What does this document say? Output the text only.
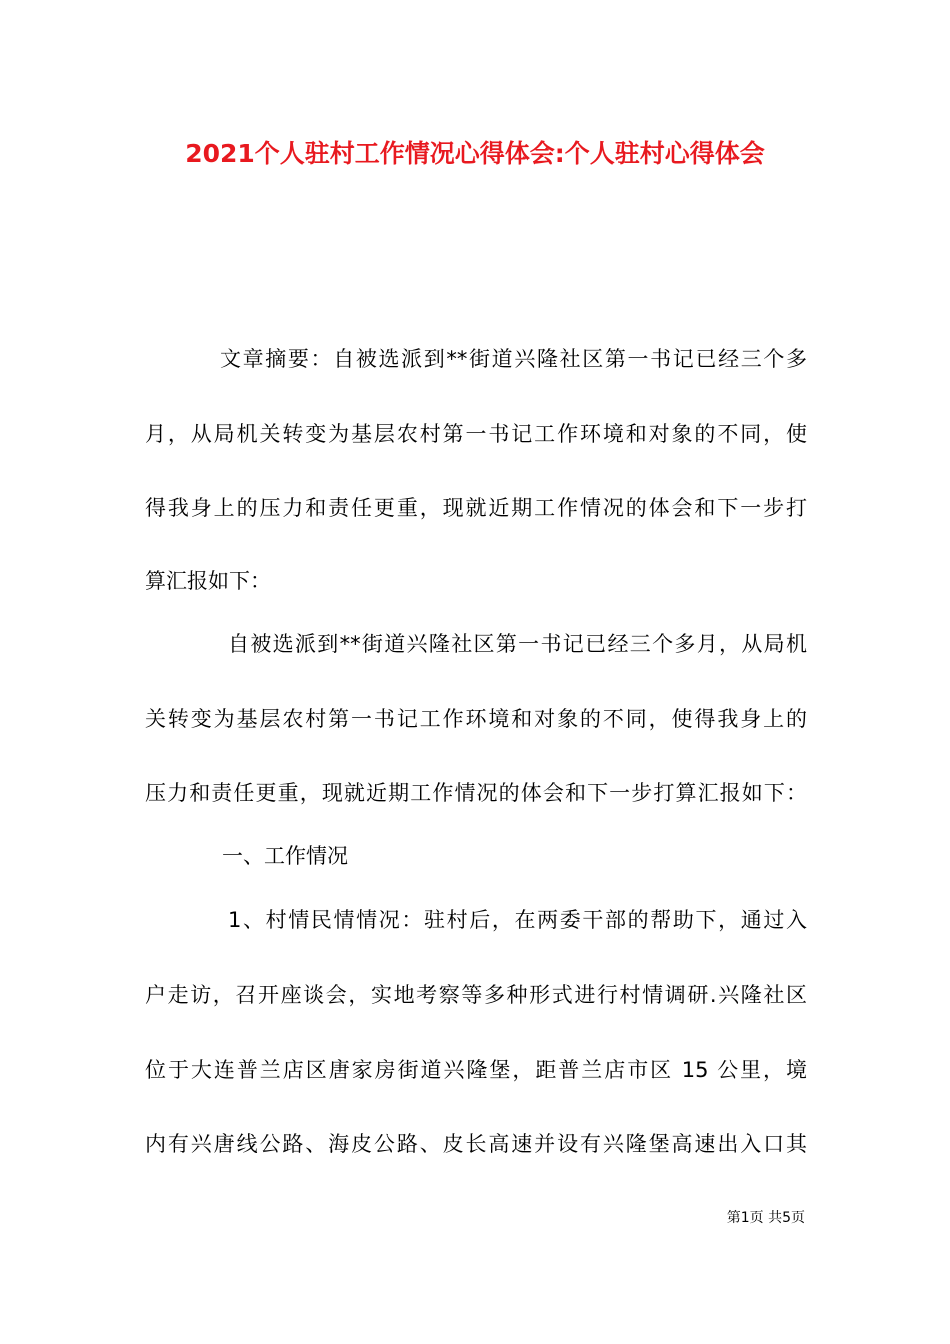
2021个人驻村工作情况心得体会:个人驻村心得体会
文章摘要：自被选派到**街道兴隆社区第一书记已经三个多
月，从局机关转变为基层农村第一书记工作环境和对象的不同，使
得我身上的压力和责任更重，现就近期工作情况的体会和下一步打
算汇报如下：
自被选派到**街道兴隆社区第一书记已经三个多月，从局机
关转变为基层农村第一书记工作环境和对象的不同，使得我身上的
压力和责任更重，现就近期工作情况的体会和下一步打算汇报如下：
一、工作情况
1、村情民情情况：驻村后，在两委干部的帮助下，通过入
户走访，召开座谈会，实地考察等多种形式进行村情调研.兴隆社区
位于大连普兰店区唐家房街道兴隆堡，距普兰店市区 15 公里，境
内有兴唐线公路、海皮公路、皮长高速并设有兴隆堡高速出入口其
第1页 共5页
